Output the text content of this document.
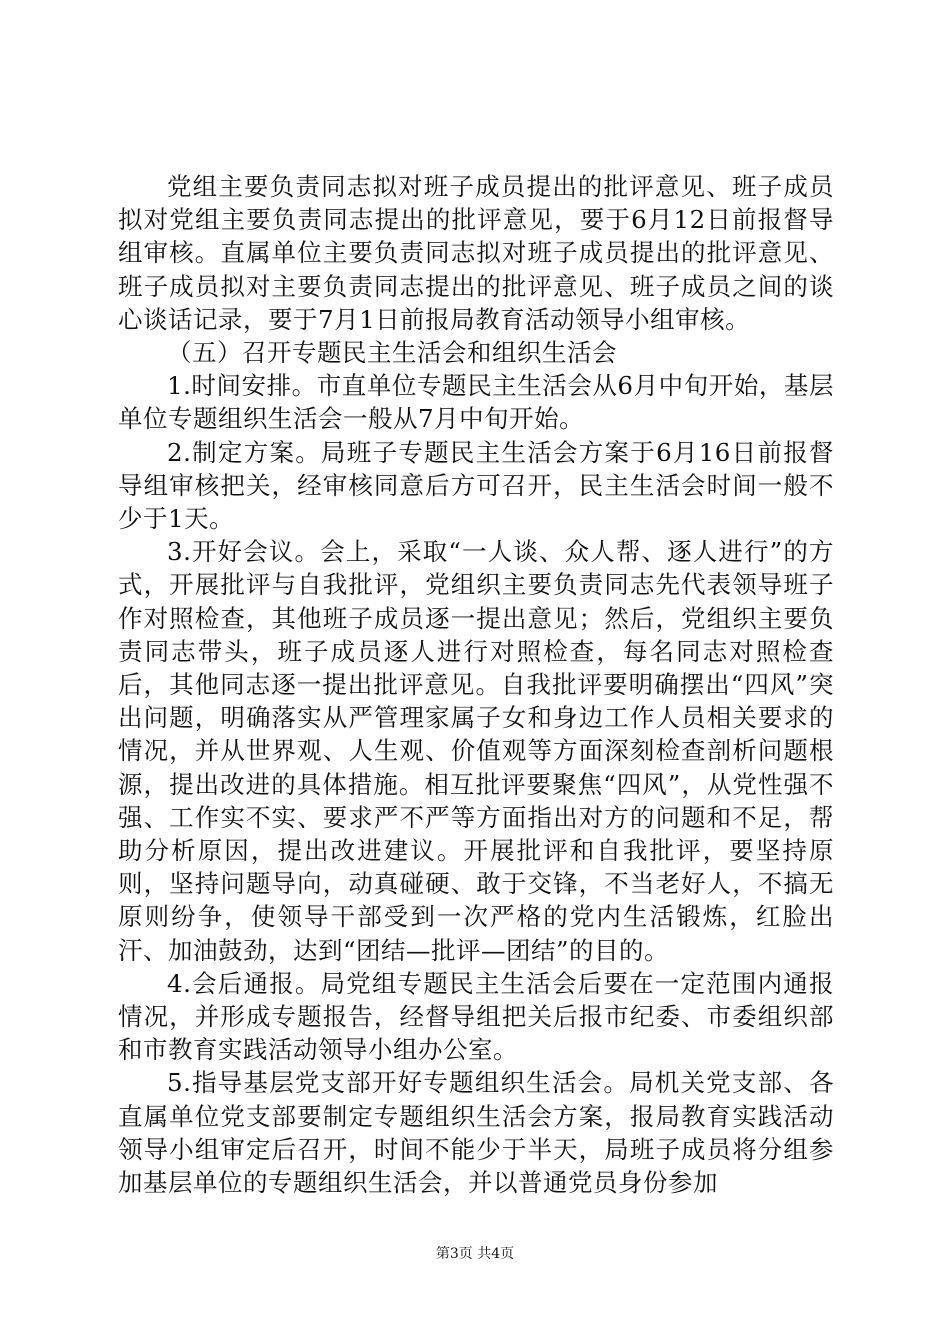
党组主要负责同志拟对班子成员提出的批评意见、班子成员拟对党组主要负责同志提出的批评意见，要于6月12日前报督导组审核。直属单位主要负责同志拟对班子成员提出的批评意见、班子成员拟对主要负责同志提出的批评意见、班子成员之间的谈心谈话记录，要于7月1日前报局教育活动领导小组审核。

（五）召开专题民主生活会和组织生活会

1.时间安排。市直单位专题民主生活会从6月中旬开始，基层单位专题组织生活会一般从7月中旬开始。

2.制定方案。局班子专题民主生活会方案于6月16日前报督导组审核把关，经审核同意后方可召开，民主生活会时间一般不少于1天。

3.开好会议。会上，采取“一人谈、众人帮、逐人进行”的方式，开展批评与自我批评，党组织主要负责同志先代表领导班子作对照检查，其他班子成员逐一提出意见；然后，党组织主要负责同志带头，班子成员逐人进行对照检查，每名同志对照检查后，其他同志逐一提出批评意见。自我批评要明确摆出“四风”突出问题，明确落实从严管理家属子女和身边工作人员相关要求的情况，并从世界观、人生观、价值观等方面深刻检查剖析问题根源，提出改进的具体措施。相互批评要聚焦“四风”，从党性强不强、工作实不实、要求严不严等方面指出对方的问题和不足，帮助分析原因，提出改进建议。开展批评和自我批评，要坚持原则，坚持问题导向，动真碰硬、敢于交锋，不当老好人，不搞无原则纷争，使领导干部受到一次严格的党内生活锻炼，红脸出汗、加油鼓劲，达到“团结—批评—团结”的目的。

4.会后通报。局党组专题民主生活会后要在一定范围内通报情况，并形成专题报告，经督导组把关后报市纪委、市委组织部和市教育实践活动领导小组办公室。

5.指导基层党支部开好专题组织生活会。局机关党支部、各直属单位党支部要制定专题组织生活会方案，报局教育实践活动领导小组审定后召开，时间不能少于半天，局班子成员将分组参加基层单位的专题组织生活会，并以普通党员身份参加

第3页 共4页
